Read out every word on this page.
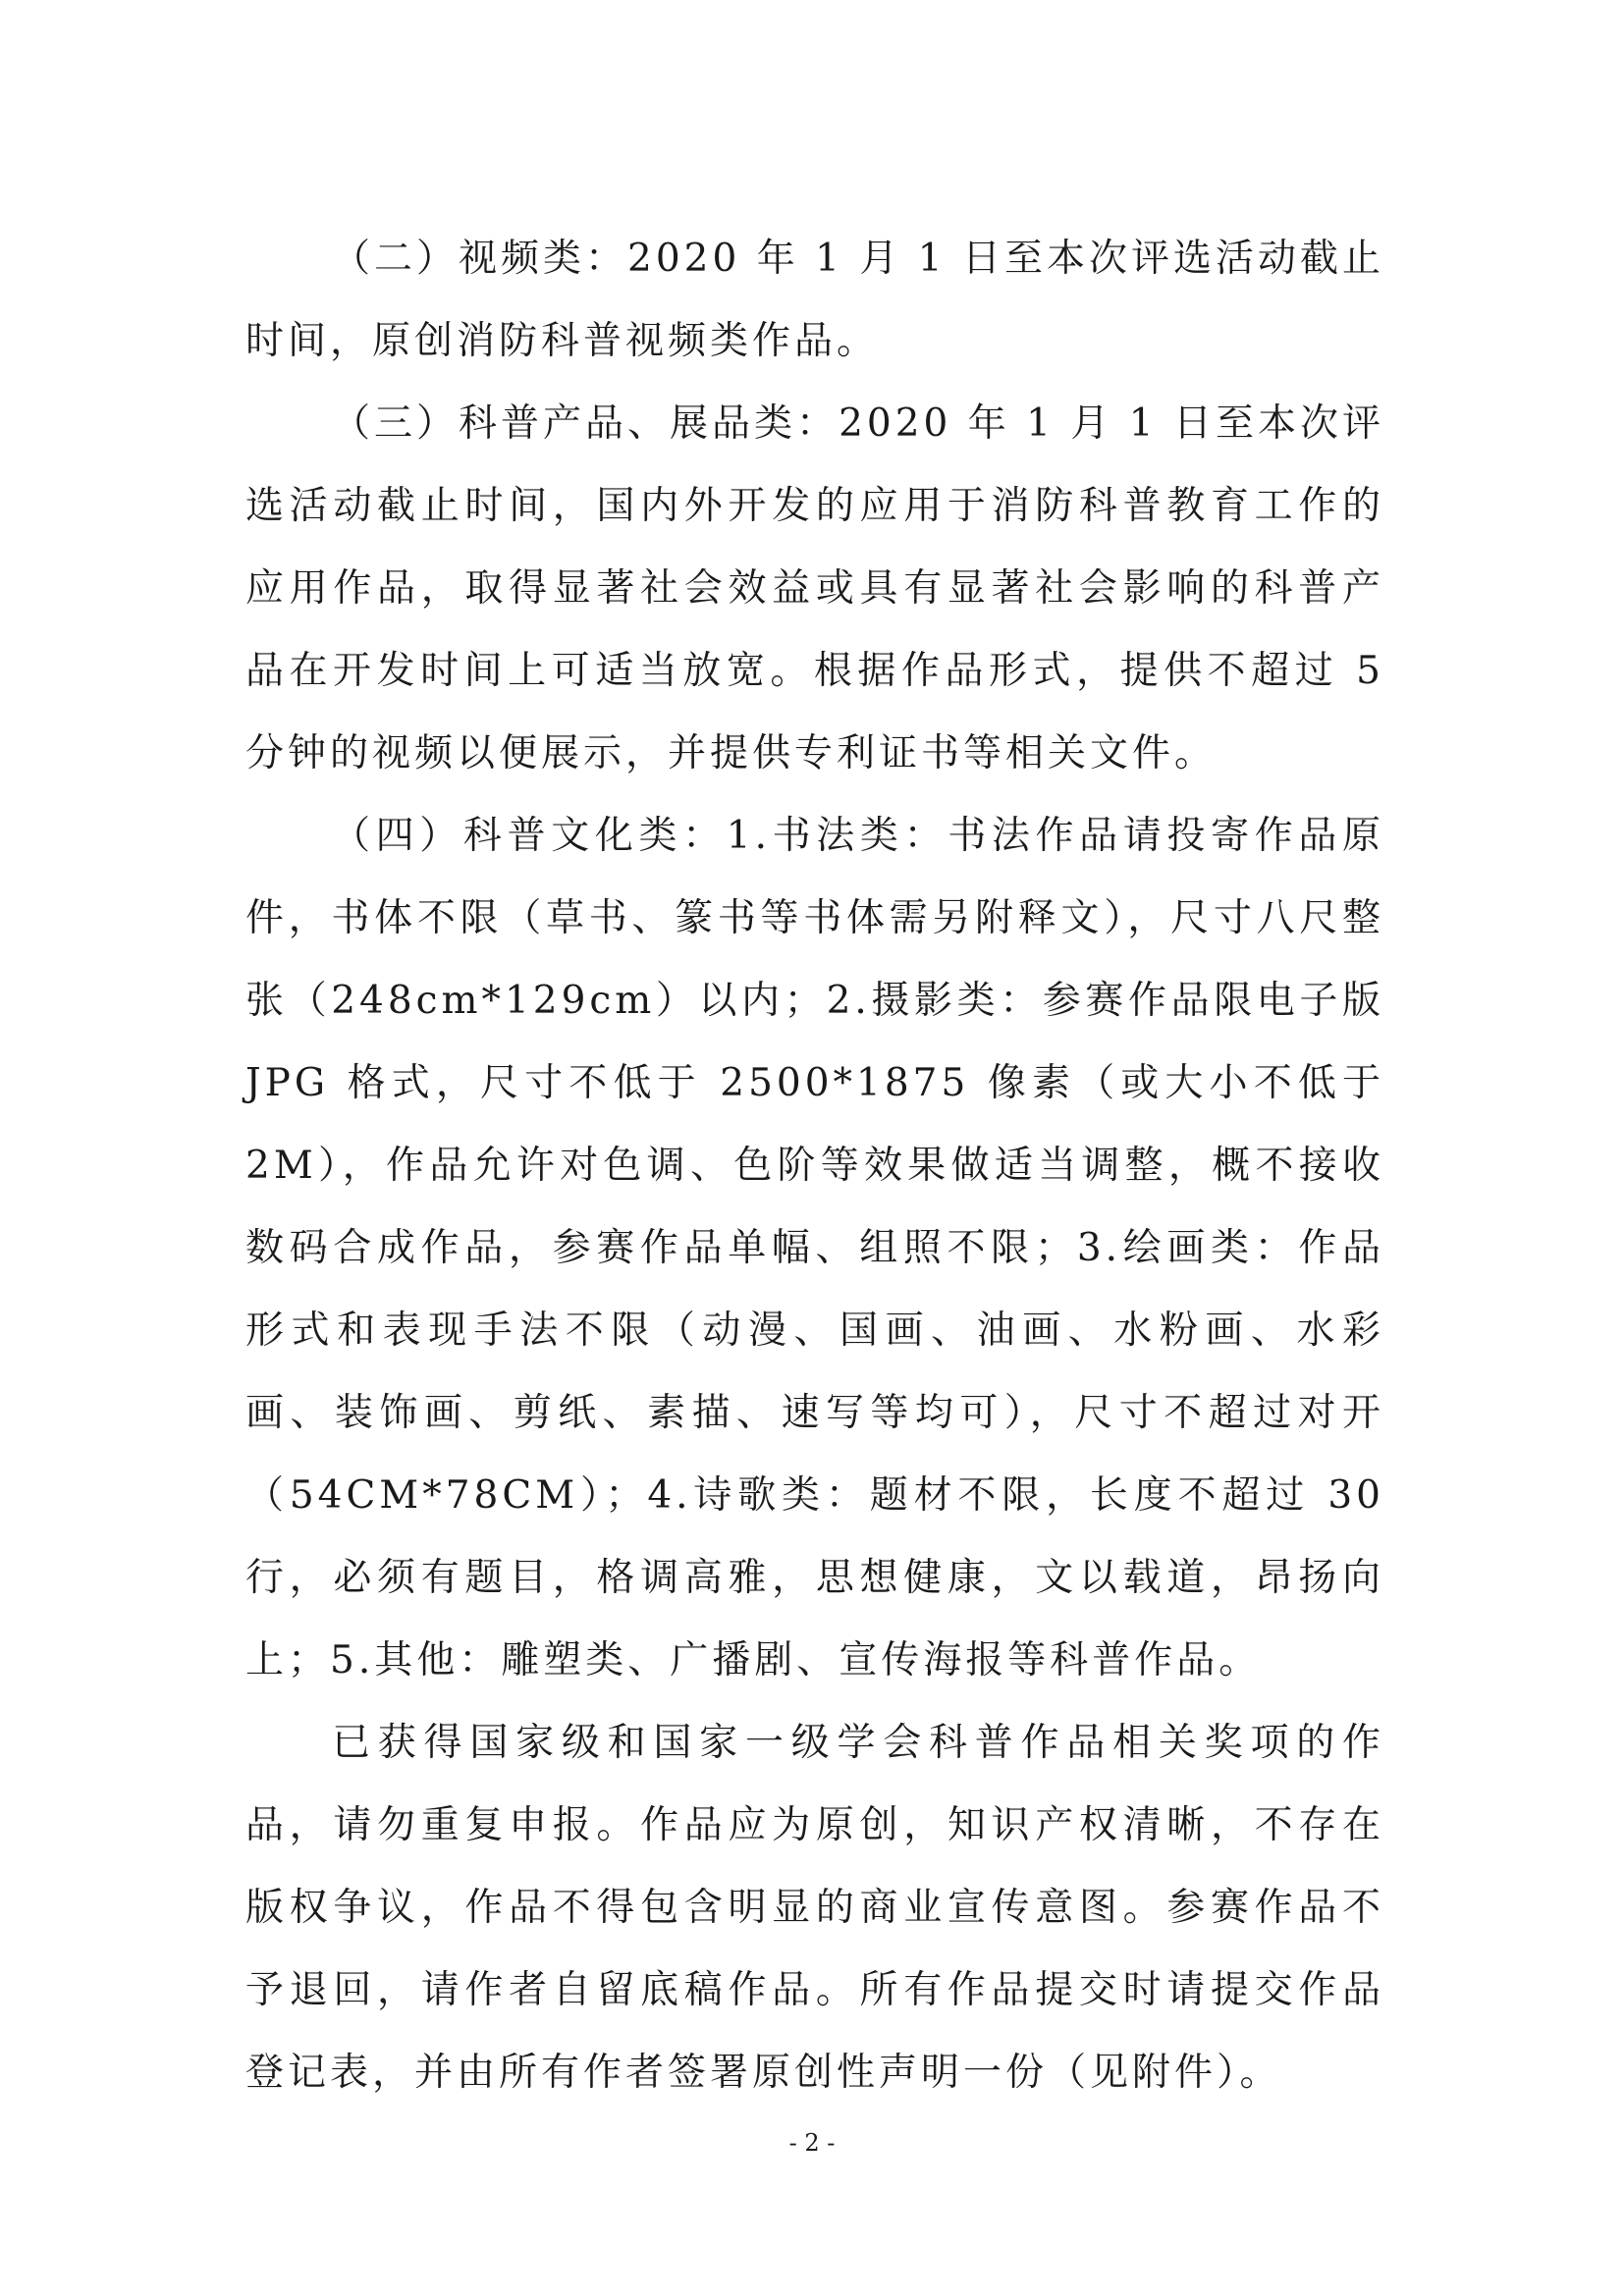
（二）视频类：2020 年 1 月 1 日至本次评选活动截止时间，原创消防科普视频类作品。

（三）科普产品、展品类：2020 年 1 月 1 日至本次评选活动截止时间，国内外开发的应用于消防科普教育工作的应用作品，取得显著社会效益或具有显著社会影响的科普产品在开发时间上可适当放宽。根据作品形式，提供不超过 5 分钟的视频以便展示，并提供专利证书等相关文件。

（四）科普文化类：1.书法类：书法作品请投寄作品原件，书体不限（草书、篆书等书体需另附释文），尺寸八尺整张（248cm*129cm）以内；2.摄影类：参赛作品限电子版 JPG 格式，尺寸不低于 2500*1875 像素（或大小不低于 2M），作品允许对色调、色阶等效果做适当调整，概不接收数码合成作品，参赛作品单幅、组照不限；3.绘画类：作品形式和表现手法不限（动漫、国画、油画、水粉画、水彩画、装饰画、剪纸、素描、速写等均可），尺寸不超过对开（54CM*78CM）；4.诗歌类：题材不限，长度不超过 30 行，必须有题目，格调高雅，思想健康，文以载道，昂扬向上；5.其他：雕塑类、广播剧、宣传海报等科普作品。

已获得国家级和国家一级学会科普作品相关奖项的作品，请勿重复申报。作品应为原创，知识产权清晰，不存在版权争议，作品不得包含明显的商业宣传意图。参赛作品不予退回，请作者自留底稿作品。所有作品提交时请提交作品登记表，并由所有作者签署原创性声明一份（见附件）。

- 2 -
